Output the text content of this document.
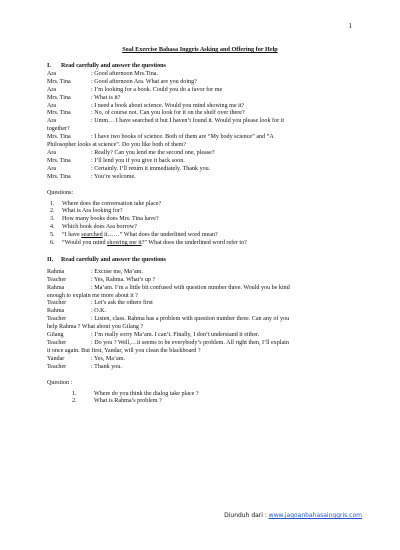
1
Soal Exercise Bahasa Inggris Asking and Offering for Help
I. Read carefully and answer the questions
Ara	: Good afternoon Mrs.Tina.
Mrs. Tina	: Good afternoon Ara. What are you doing?
Ara	: I’m looking for a book. Could you do a favor for me
Mrs. Tina	: What is it?
Ara	: I need a book about science. Would you mind showing me it?
Mrs. Tina	: No, of course not. Can you look for it on the shelf over there?
Ara	: Umm… I have searched it but I haven’t found it. Would you please look for it
together?
Mrs. Tina	: I have two books of science. Both of them are “My body science” and “A
Philosopher looks at science”. Do you like both of them?
Ara	: Really? Can you lend me the second one, please?
Mrs. Tina	: I’ll lend you if you give it back soon.
Ara	: Certainly. I’ll return it immediately. Thank you.
Mrs. Tina	: You’re welcome.
Questions:
1.	Where does the conversation take place?
2.	What is Ara looking for?
3.	How many books does Mrs. Tina have?
4.	Which book does Ara borrow?
5.	“I have searched it……” What does the underlined word mean?
6.	“Would you mind showing me it?” What does the underlined word refer to?
II. Read carefully and answer the questions
Rahma	: Excuse me, Ma’am.
Teacher	: Yes, Rahma. What’s up ?
Rahma	: Ma’am. I’m a little bit confused with question number three. Would you be kind
enough to explain me more about it ?
Teacher	: Let’s ask the others first
Rahma	: O.K.
Teacher	: Listen, class. Rahma has a problem with question number three. Can any of you
help Rahma ? What about you Gilang ?
Gilang	: I’m really sorry Ma’am. I can’t. Finally, I don’t understand it either.
Teacher	: Do you ? Well,…it seems to be everybody’s problem. All right then, I’ll explain
it once again. But first, Yandar, will you clean the blackboard ?
Yandar	: Yes, Ma’am.
Teacher	: Thank you.
Question :
1.	Where do you think the dialog take place ?
2.	What is Rahma’s problem ?
Diunduh dari : www.jagoanbahasainggris.com
